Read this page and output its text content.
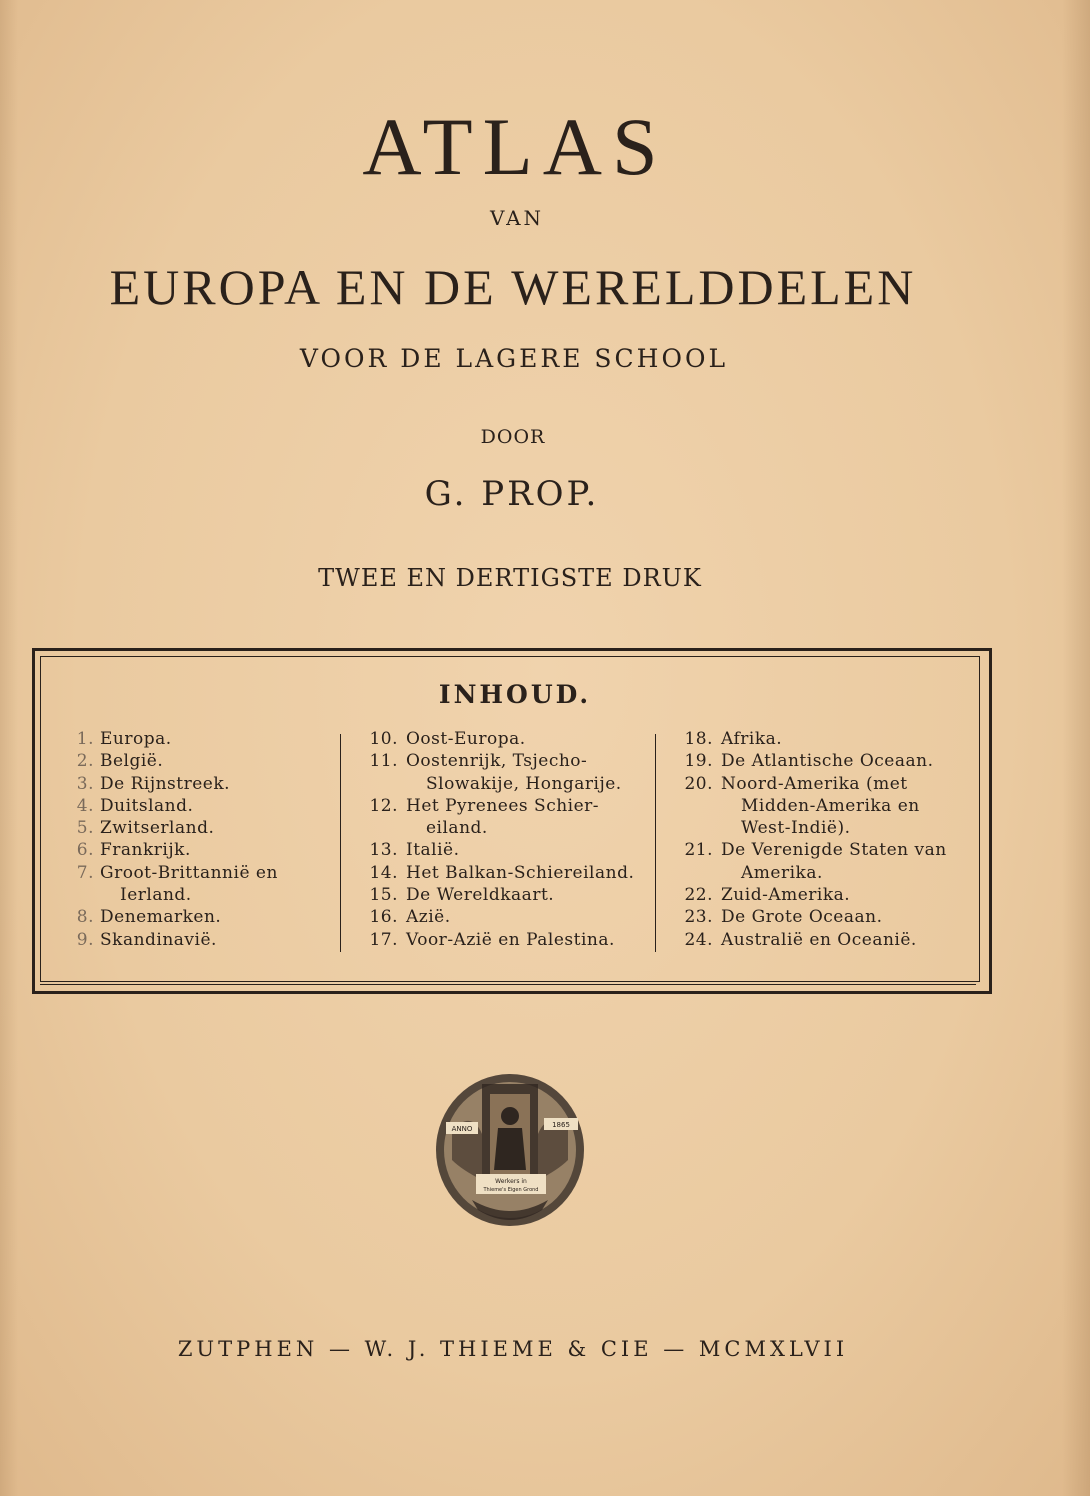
ATLAS
VAN
EUROPA EN DE WERELDDELEN
VOOR DE LAGERE SCHOOL
DOOR
G. PROP.
TWEE EN DERTIGSTE DRUK
INHOUD.
1. Europa.
2. België.
3. De Rijnstreek.
4. Duitsland.
5. Zwitserland.
6. Frankrijk.
7. Groot-Brittannië en
Ierland.
8. Denemarken.
9. Skandinavië.
10. Oost-Europa.
11. Oostenrijk, Tsjecho-
Slowakije, Hongarije.
12. Het Pyrenees Schier-
eiland.
13. Italië.
14. Het Balkan-Schiereiland.
15. De Wereldkaart.
16. Azië.
17. Voor-Azië en Palestina.
18. Afrika.
19. De Atlantische Oceaan.
20. Noord-Amerika (met
Midden-Amerika en
West-Indië).
21. De Verenigde Staten van
Amerika.
22. Zuid-Amerika.
23. De Grote Oceaan.
24. Australië en Oceanië.
ANNO	1865
Werkers in
Thieme's Eigen Grond
ZUTPHEN — W. J. THIEME & CIE — MCMXLVII
